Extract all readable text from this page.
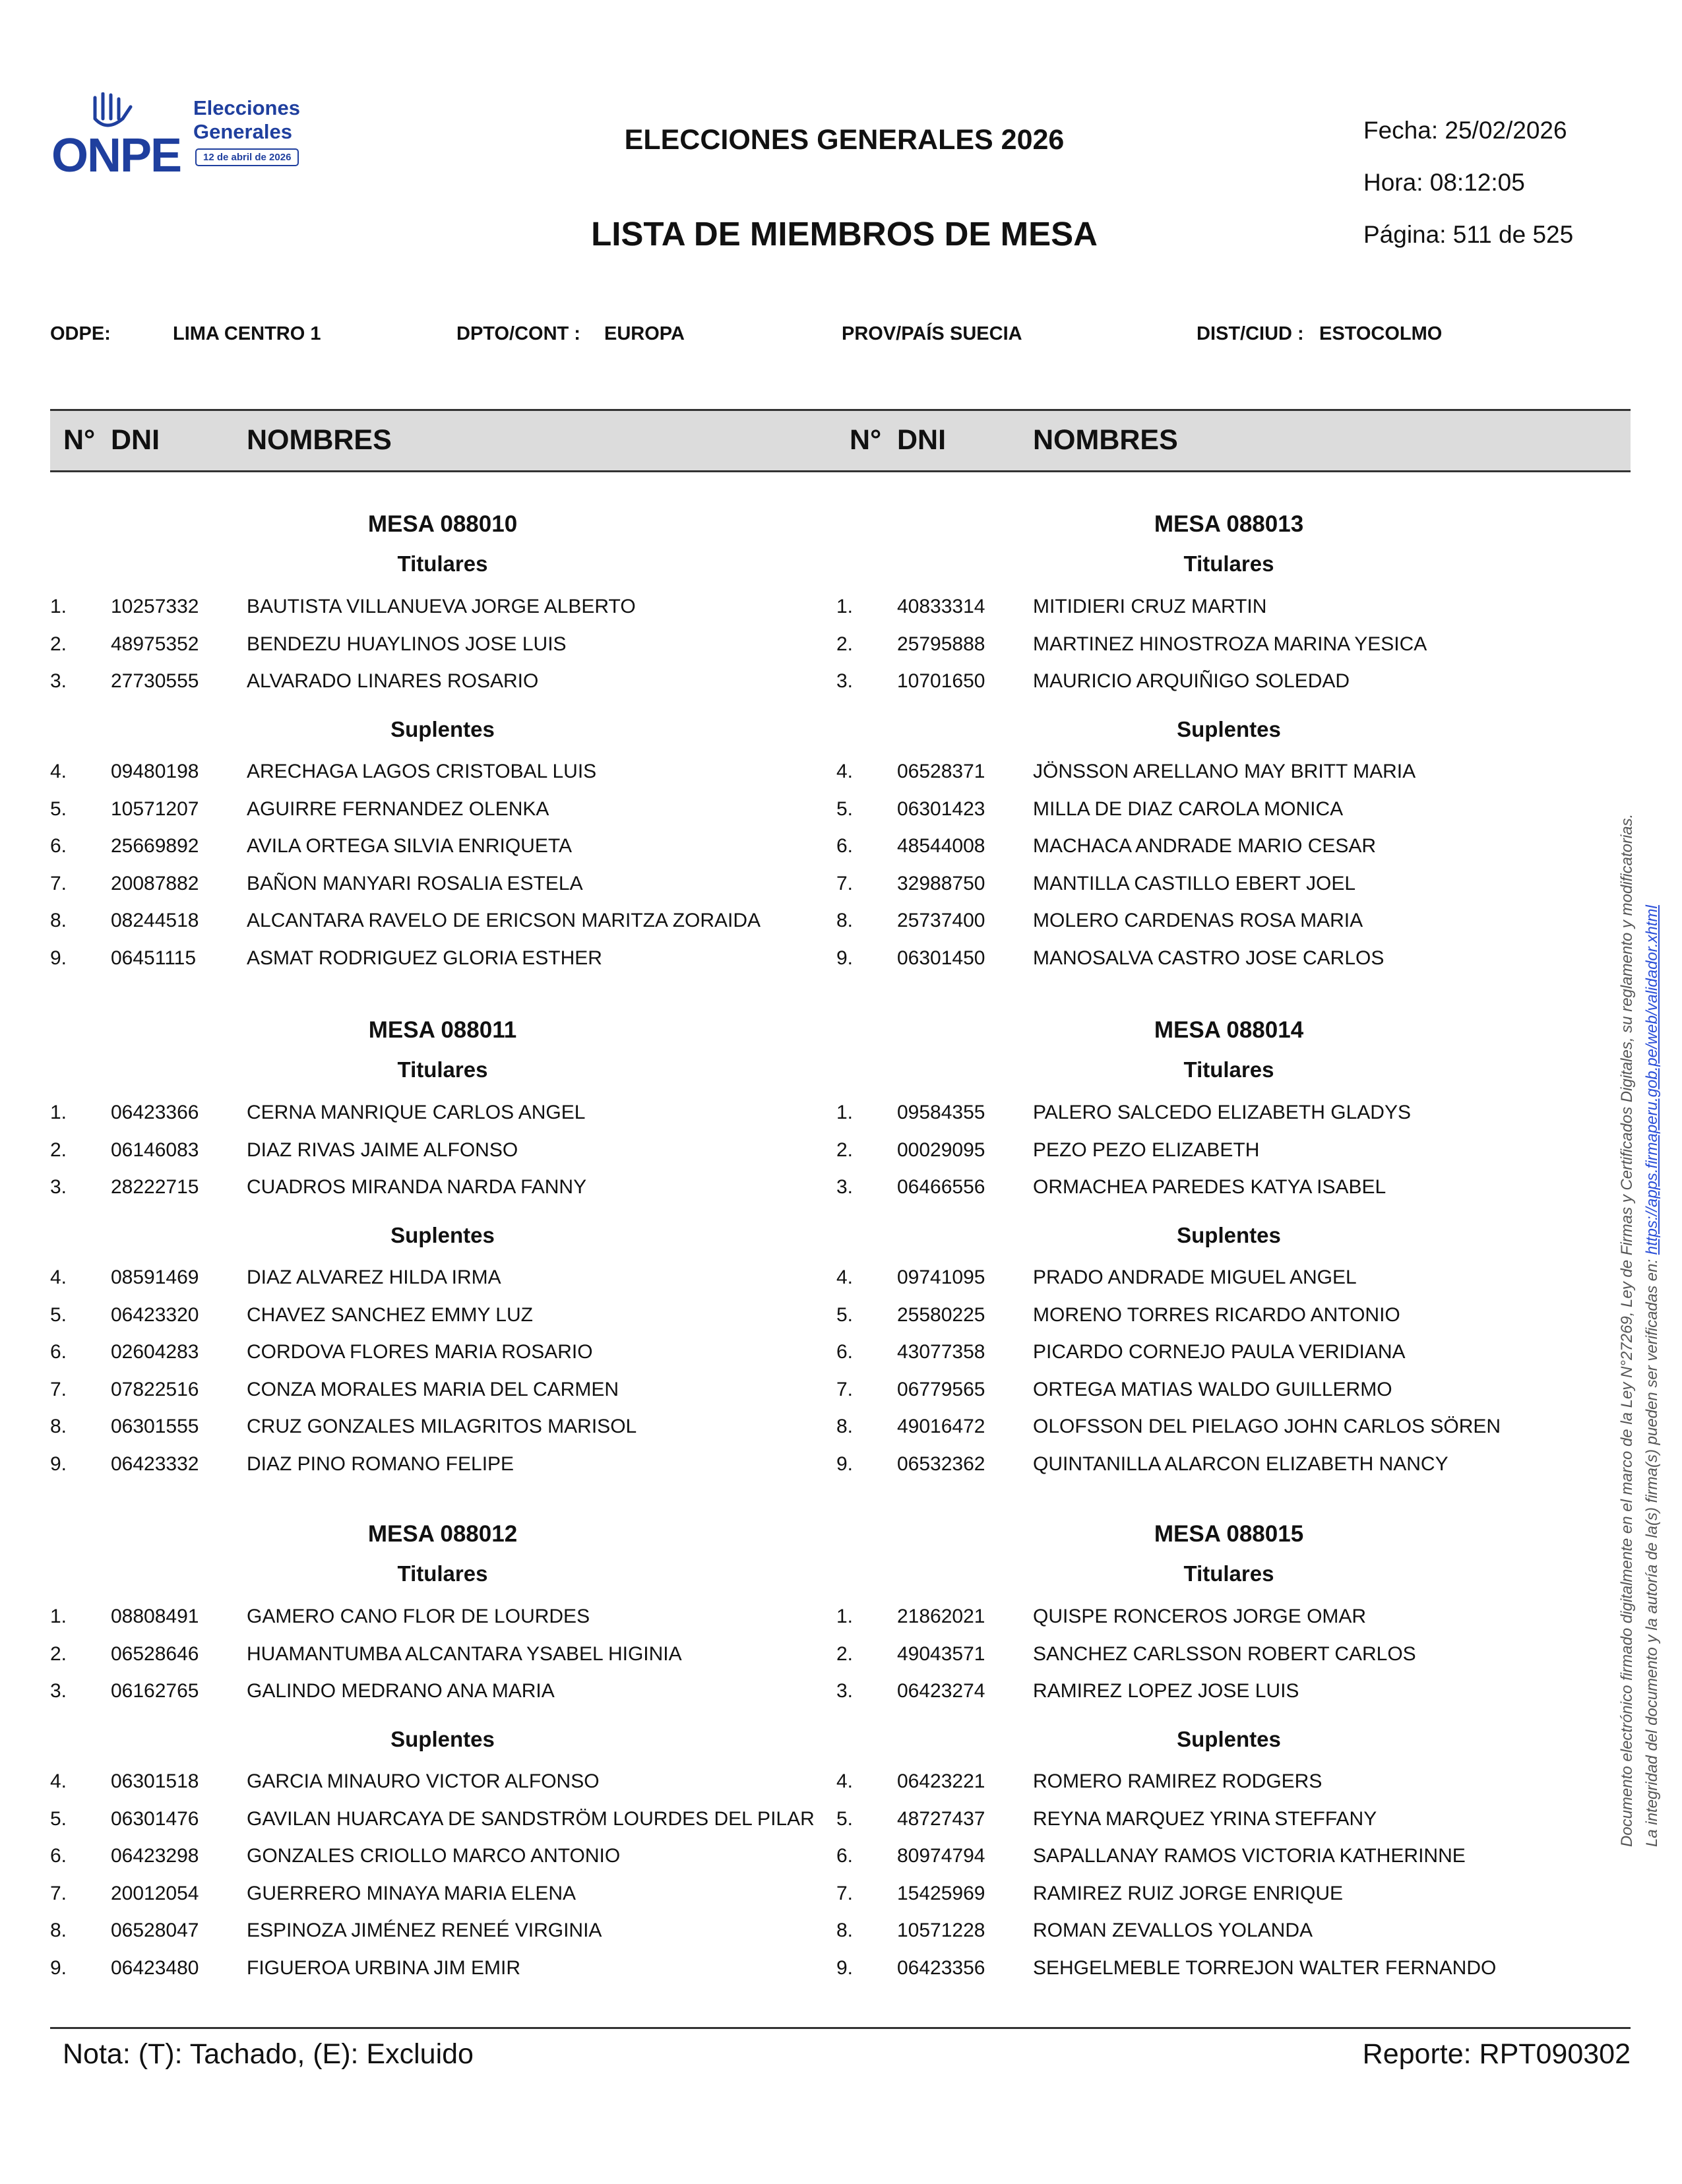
ONPE
Elecciones
Generales
12 de abril de 2026
ELECCIONES GENERALES 2026
LISTA DE MIEMBROS DE MESA
Fecha: 25/02/2026
Hora: 08:12:05
Página: 511 de 525
ODPE:	LIMA CENTRO 1	DPTO/CONT : EUROPA	PROV/PAÍS :
SUECIA	DIST/CIUD : ESTOCOLMO
N° DNI	NOMBRES	N° DNI	NOMBRES
MESA 088010
Titulares
1. 10257332 BAUTISTA VILLANUEVA JORGE ALBERTO
2. 48975352 BENDEZU HUAYLINOS JOSE LUIS
3. 27730555 ALVARADO LINARES ROSARIO
Suplentes
4. 09480198 ARECHAGA LAGOS CRISTOBAL LUIS
5. 10571207 AGUIRRE FERNANDEZ OLENKA
6. 25669892 AVILA ORTEGA SILVIA ENRIQUETA
7. 20087882 BAÑON MANYARI ROSALIA ESTELA
8. 08244518 ALCANTARA RAVELO DE ERICSON MARITZA ZORAIDA
9. 06451115	ASMAT RODRIGUEZ GLORIA ESTHER
MESA 088013
Titulares
1. 40833314 MITIDIERI CRUZ MARTIN
2. 25795888 MARTINEZ HINOSTROZA MARINA YESICA
3. 10701650 MAURICIO ARQUIÑIGO SOLEDAD
Suplentes
4. 06528371 JÖNSSON ARELLANO MAY BRITT MARIA
5. 06301423 MILLA DE DIAZ CAROLA MONICA
6. 48544008 MACHACA ANDRADE MARIO CESAR
7. 32988750 MANTILLA CASTILLO EBERT JOEL
8. 25737400 MOLERO CARDENAS ROSA MARIA
9. 06301450 MANOSALVA CASTRO JOSE CARLOS
MESA 088011
Titulares
1. 06423366 CERNA MANRIQUE CARLOS ANGEL
2. 06146083 DIAZ RIVAS JAIME ALFONSO
3. 28222715 CUADROS MIRANDA NARDA FANNY
Suplentes
4. 08591469 DIAZ ALVAREZ HILDA IRMA
5. 06423320 CHAVEZ SANCHEZ EMMY LUZ
6. 02604283 CORDOVA FLORES MARIA ROSARIO
7. 07822516 CONZA MORALES MARIA DEL CARMEN
8. 06301555 CRUZ GONZALES MILAGRITOS MARISOL
9. 06423332 DIAZ PINO ROMANO FELIPE
MESA 088014
Titulares
1. 09584355 PALERO SALCEDO ELIZABETH GLADYS
2. 00029095 PEZO PEZO ELIZABETH
3. 06466556 ORMACHEA PAREDES KATYA ISABEL
Suplentes
4. 09741095 PRADO ANDRADE MIGUEL ANGEL
5. 25580225 MORENO TORRES RICARDO ANTONIO
6. 43077358 PICARDO CORNEJO PAULA VERIDIANA
7. 06779565 ORTEGA MATIAS WALDO GUILLERMO
8. 49016472 OLOFSSON DEL PIELAGO JOHN CARLOS SÖREN
9. 06532362 QUINTANILLA ALARCON ELIZABETH NANCY
MESA 088012
Titulares
1. 08808491 GAMERO CANO FLOR DE LOURDES
2. 06528646 HUAMANTUMBA ALCANTARA YSABEL HIGINIA
3. 06162765 GALINDO MEDRANO ANA MARIA
Suplentes
4. 06301518 GARCIA MINAURO VICTOR ALFONSO
5. 06301476 GAVILAN HUARCAYA DE SANDSTRÖM LOURDES DEL PILAR
6. 06423298 GONZALES CRIOLLO MARCO ANTONIO
7. 20012054 GUERRERO MINAYA MARIA ELENA
8. 06528047 ESPINOZA JIMÉNEZ RENEÉ VIRGINIA
9. 06423480 FIGUEROA URBINA JIM EMIR
MESA 088015
Titulares
1. 21862021 QUISPE RONCEROS JORGE OMAR
2. 49043571 SANCHEZ CARLSSON ROBERT CARLOS
3. 06423274 RAMIREZ LOPEZ JOSE LUIS
Suplentes
4. 06423221 ROMERO RAMIREZ RODGERS
5. 48727437 REYNA MARQUEZ YRINA STEFFANY
6. 80974794 SAPALLANAY RAMOS VICTORIA KATHERINNE
7. 15425969 RAMIREZ RUIZ JORGE ENRIQUE
8. 10571228 ROMAN ZEVALLOS YOLANDA
9. 06423356 SEHGELMEBLE TORREJON WALTER FERNANDO
Nota: (T): Tachado, (E): Excluido	Reporte: RPT090302
Documento electrónico firmado digitalmente en el marco de la Ley N°27269, Ley de Firmas y Certificados Digitales, su reglamento y modificatorias. La integridad del documento y la autoría de la(s) firma(s) pueden ser verificadas en: https://apps.firmaperu.gob.pe/web/validador.xhtml
